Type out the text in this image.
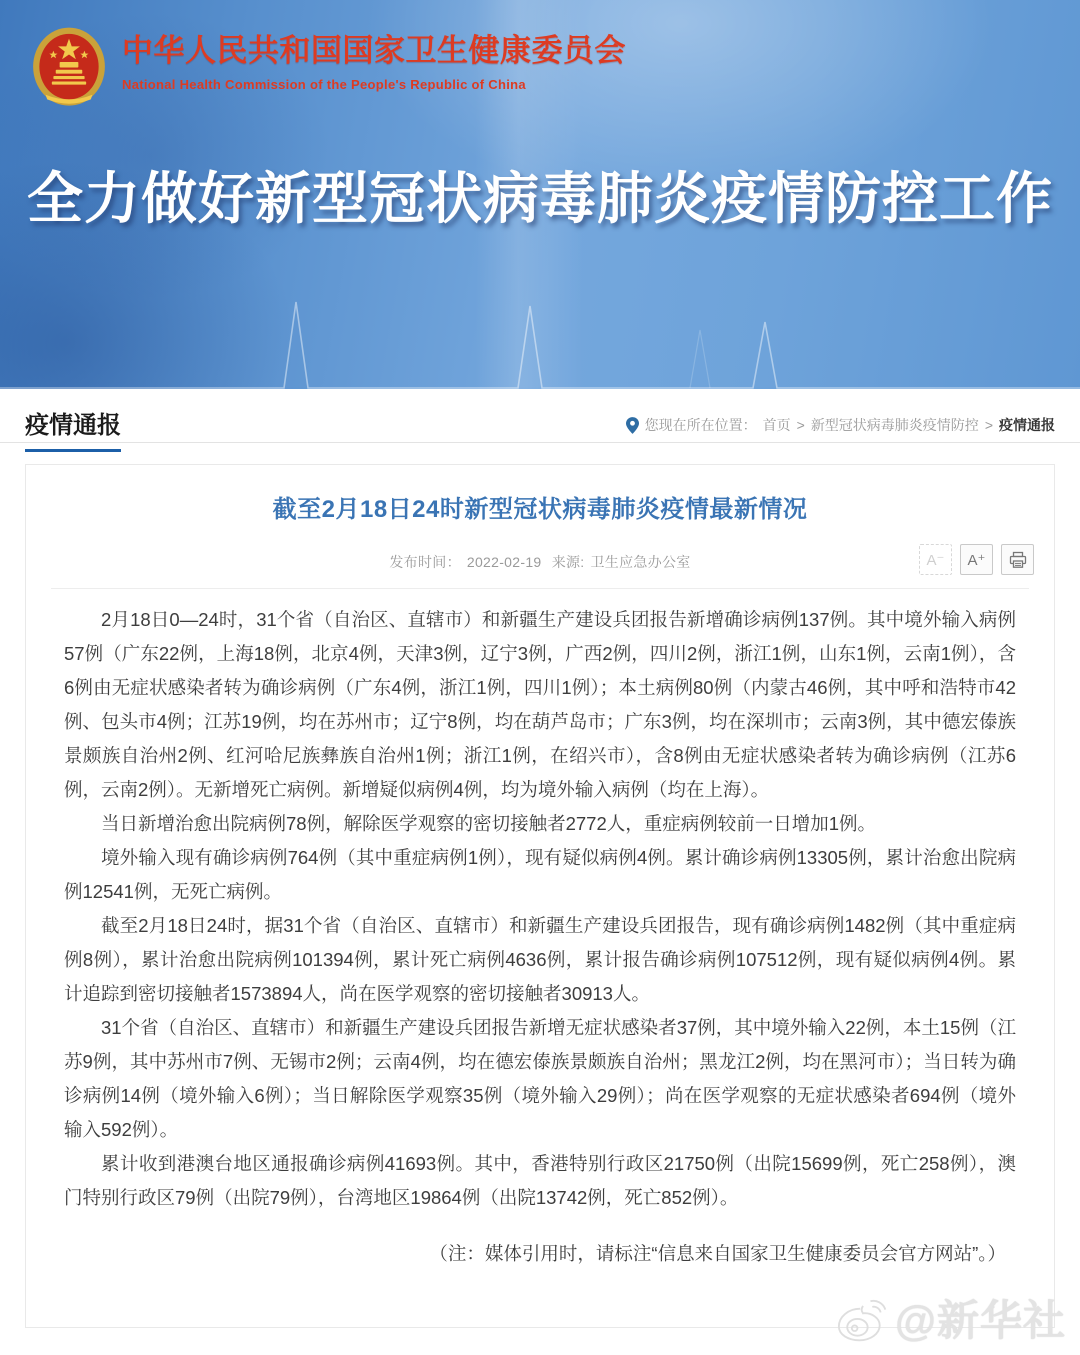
中华人民共和国国家卫生健康委员会
National Health Commission of the People's Republic of China
全力做好新型冠状病毒肺炎疫情防控工作
疫情通报	您现在所在位置： 首页 > 新型冠状病毒肺炎疫情防控 > 疫情通报
截至2月18日24时新型冠状病毒肺炎疫情最新情况
发布时间： 2022-02-19 来源: 卫生应急办公室	A⁻	A⁺

2月18日0—24时，31个省（自治区、直辖市）和新疆生产建设兵团报告新增确诊病例137例。其中境外输入病例57例（广东22例，上海18例，北京4例，天津3例，辽宁3例，广西2例，四川2例，浙江1例，山东1例，云南1例），含6例由无症状感染者转为确诊病例（广东4例，浙江1例，四川1例）；本土病例80例（内蒙古46例，其中呼和浩特市42例、包头市4例；江苏19例，均在苏州市；辽宁8例，均在葫芦岛市；广东3例，均在深圳市；云南3例，其中德宏傣族景颇族自治州2例、红河哈尼族彝族自治州1例；浙江1例，在绍兴市），含8例由无症状感染者转为确诊病例（江苏6例，云南2例）。无新增死亡病例。新增疑似病例4例，均为境外输入病例（均在上海）。

当日新增治愈出院病例78例，解除医学观察的密切接触者2772人，重症病例较前一日增加1例。

境外输入现有确诊病例764例（其中重症病例1例），现有疑似病例4例。累计确诊病例13305例，累计治愈出院病例12541例，无死亡病例。

截至2月18日24时，据31个省（自治区、直辖市）和新疆生产建设兵团报告，现有确诊病例1482例（其中重症病例8例），累计治愈出院病例101394例，累计死亡病例4636例，累计报告确诊病例107512例，现有疑似病例4例。累计追踪到密切接触者1573894人，尚在医学观察的密切接触者30913人。

31个省（自治区、直辖市）和新疆生产建设兵团报告新增无症状感染者37例，其中境外输入22例，本土15例（江苏9例，其中苏州市7例、无锡市2例；云南4例，均在德宏傣族景颇族自治州；黑龙江2例，均在黑河市）；当日转为确诊病例14例（境外输入6例）；当日解除医学观察35例（境外输入29例）；尚在医学观察的无症状感染者694例（境外输入592例）。

累计收到港澳台地区通报确诊病例41693例。其中，香港特别行政区21750例（出院15699例，死亡258例），澳门特别行政区79例（出院79例），台湾地区19864例（出院13742例，死亡852例）。

（注：媒体引用时，请标注“信息来自国家卫生健康委员会官方网站”。）
@新华社
